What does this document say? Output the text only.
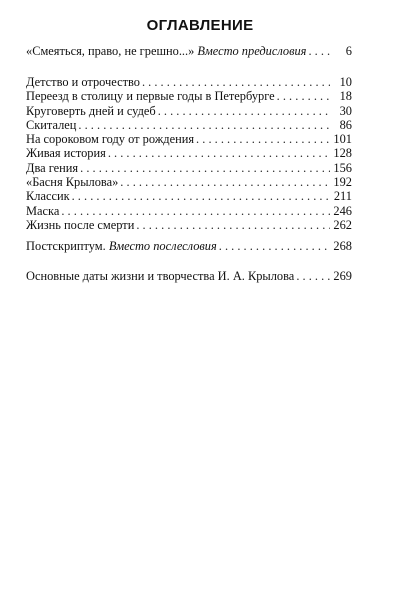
ОГЛАВЛЕНИЕ
«Смеяться, право, не грешно...» Вместо предисловия . . .	6
Детство и отрочество . . .	10
Переезд в столицу и первые годы в Петербурге . . .	18
Круговерть дней и судеб . . .	30
Скиталец . . .	86
На сороковом году от рождения . . .	101
Живая история . . .	128
Два гения . . .	156
«Басня Крылова» . . .	192
Классик . . .	211
Маска . . .	246
Жизнь после смерти . . .	262
Постскриптум. Вместо послесловия . . .	268
Основные даты жизни и творчества И. А. Крылова . . .	269
